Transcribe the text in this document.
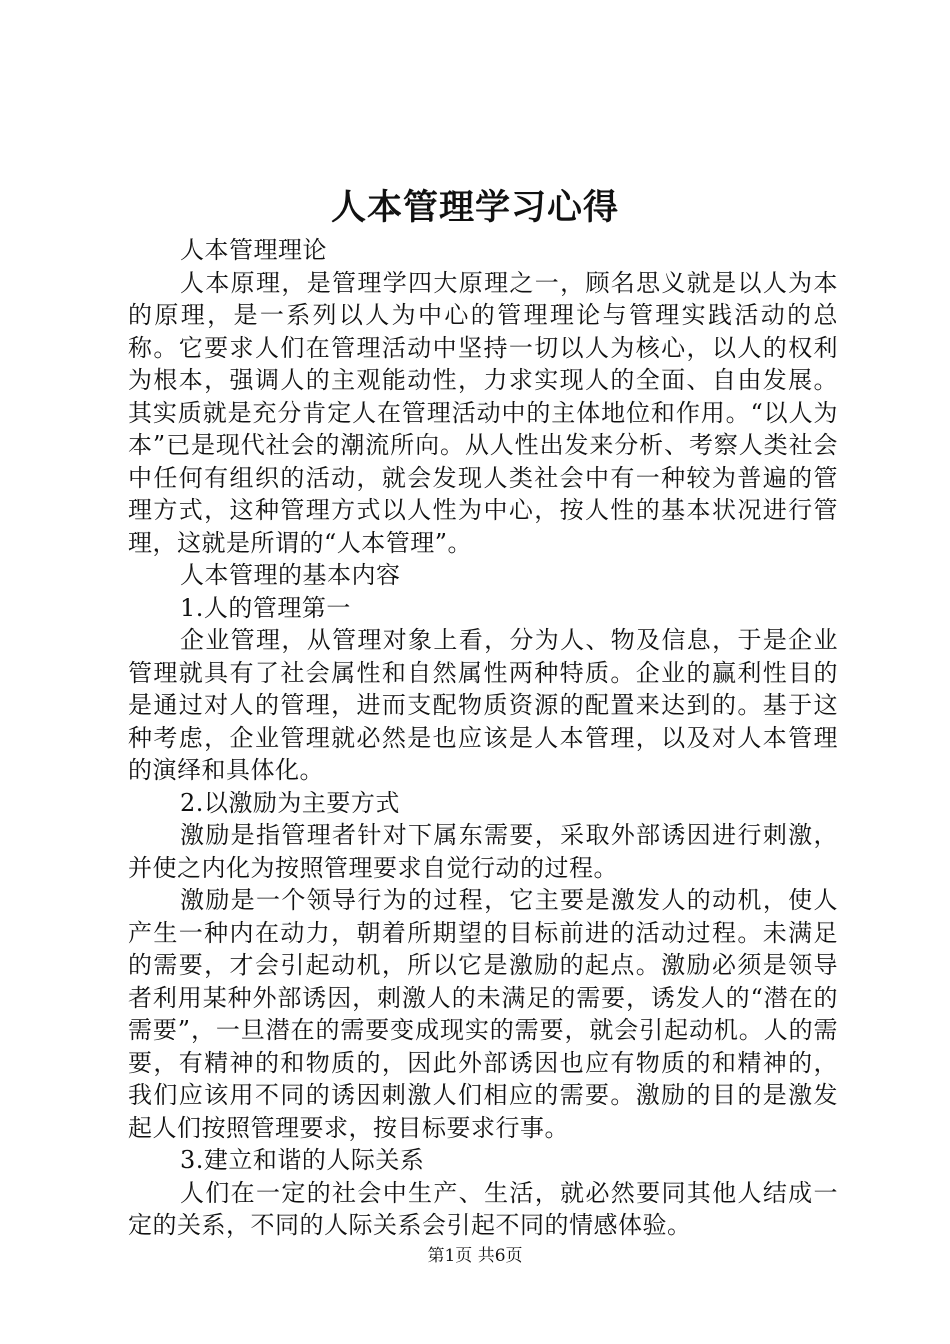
人本管理学习心得

人本管理理论

人本原理，是管理学四大原理之一，顾名思义就是以人为本的原理，是一系列以人为中心的管理理论与管理实践活动的总称。它要求人们在管理活动中坚持一切以人为核心，以人的权利为根本，强调人的主观能动性，力求实现人的全面、自由发展。其实质就是充分肯定人在管理活动中的主体地位和作用。“以人为本”已是现代社会的潮流所向。从人性出发来分析、考察人类社会中任何有组织的活动，就会发现人类社会中有一种较为普遍的管理方式，这种管理方式以人性为中心，按人性的基本状况进行管理，这就是所谓的“人本管理”。

人本管理的基本内容

1.人的管理第一

企业管理，从管理对象上看，分为人、物及信息，于是企业管理就具有了社会属性和自然属性两种特质。企业的赢利性目的是通过对人的管理，进而支配物质资源的配置来达到的。基于这种考虑，企业管理就必然是也应该是人本管理，以及对人本管理的演绎和具体化。

2.以激励为主要方式

激励是指管理者针对下属东需要，采取外部诱因进行刺激，并使之内化为按照管理要求自觉行动的过程。

激励是一个领导行为的过程，它主要是激发人的动机，使人产生一种内在动力，朝着所期望的目标前进的活动过程。未满足的需要，才会引起动机，所以它是激励的起点。激励必须是领导者利用某种外部诱因，刺激人的未满足的需要，诱发人的“潜在的需要”，一旦潜在的需要变成现实的需要，就会引起动机。人的需要，有精神的和物质的，因此外部诱因也应有物质的和精神的，我们应该用不同的诱因刺激人们相应的需要。激励的目的是激发起人们按照管理要求，按目标要求行事。

3.建立和谐的人际关系

人们在一定的社会中生产、生活，就必然要同其他人结成一定的关系，不同的人际关系会引起不同的情感体验。

第1页 共6页
